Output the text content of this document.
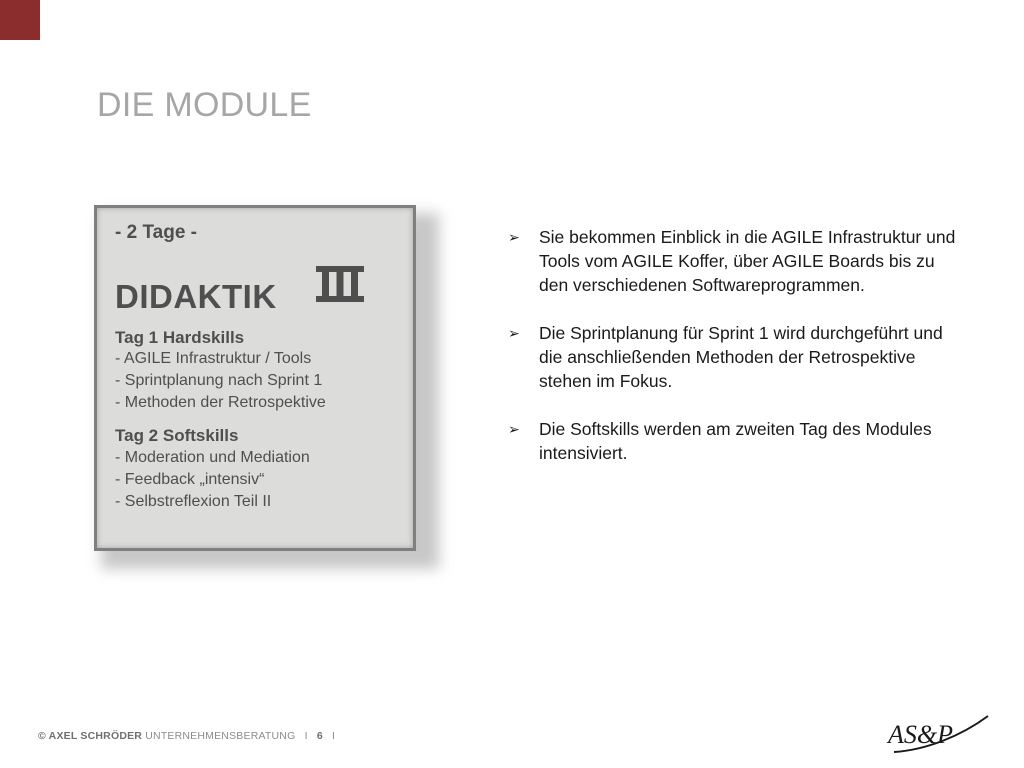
DIE MODULE
- 2 Tage -
DIDAKTIK
Tag 1 Hardskills
- AGILE Infrastruktur / Tools
- Sprintplanung nach Sprint 1
- Methoden der Retrospektive
Tag 2 Softskills
- Moderation und Mediation
- Feedback „intensiv“
- Selbstreflexion Teil II
➢ Sie bekommen Einblick in die AGILE Infrastruktur und Tools vom AGILE Koffer, über AGILE Boards bis zu den verschiedenen Softwareprogrammen.
➢ Die Sprintplanung für Sprint 1 wird durchgeführt und die anschließenden Methoden der Retrospektive stehen im Fokus.
➢ Die Softskills werden am zweiten Tag des Modules intensiviert.
© AXEL SCHRÖDER UNTERNEHMENSBERATUNG I 6 I	AS&P
